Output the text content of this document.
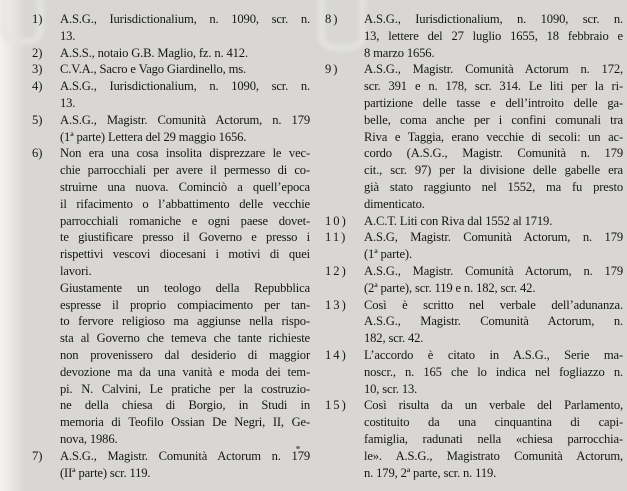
1)	A.S.G., Iurisdictionalium, n. 1090, scr. n.
13.
2)	A.S.S., notaio G.B. Maglio, fz. n. 412.
3)	C.V.A., Sacro e Vago Giardinello, ms.
4)	A.S.G., Iurisdictionalium, n. 1090, scr. n.
13.
5)	A.S.G., Magistr. Comunità Actorum, n. 179
(1ª parte) Lettera del 29 maggio 1656.
6)	Non era una cosa insolita disprezzare le vec-
chie parrocchiali per avere il permesso di co-
struirne una nuova. Cominciò a quell’epoca
il rifacimento o l’abbattimento delle vecchie
parrocchiali romaniche e ogni paese dovet-
te giustificare presso il Governo e presso i
rispettivi vescovi diocesani i motivi di quei
lavori.
Giustamente un teologo della Repubblica
espresse il proprio compiacimento per tan-
to fervore religioso ma aggiunse nella rispo-
sta al Governo che temeva che tante richieste
non provenissero dal desiderio di maggior
devozione ma da una vanità e moda dei tem-
pi. N. Calvini, Le pratiche per la costruzio-
ne della chiesa di Borgio, in Studi in
memoria di Teofilo Ossian De Negri, II, Ge-
nova, 1986.
7)	A.S.G., Magistr. Comunità Actorum n. 179
(IIª parte) scr. 119.
8)	A.S.G., Iurisdictionalium, n. 1090, scr. n.
13, lettere del 27 luglio 1655, 18 febbraio e
8 marzo 1656.
9)	A.S.G., Magistr. Comunità Actorum n. 172,
scr. 391 e n. 178, scr. 314. Le liti per la ri-
partizione delle tasse e dell’introito delle ga-
belle, coma anche per i confini comunali tra
Riva e Taggia, erano vecchie di secoli: un ac-
cordo (A.S.G., Magistr. Comunità n. 179
cit., scr. 97) per la divisione delle gabelle era
già stato raggiunto nel 1552, ma fu presto
dimenticato.
10)	A.C.T. Liti con Riva dal 1552 al 1719.
11)	A.S.G, Magistr. Comunità Actorum, n. 179
(1ª parte).
12)	A.S.G., Magistr. Comunità Actorum, n. 179
(2ª parte), scr. 119 e n. 182, scr. 42.
13)	Così è scritto nel verbale dell’adunanza.
A.S.G., Magistr. Comunità Actorum, n.
182, scr. 42.
14)	L’accordo è citato in A.S.G., Serie ma-
noscr., n. 165 che lo indica nel fogliazzo n.
10, scr. 13.
15)	Così risulta da un verbale del Parlamento,
costituito da una cinquantina di capi-
famiglia, radunati nella «chiesa parrocchia-
le». A.S.G., Magistrato Comunità Actorum,
n. 179, 2ª parte, scr. n. 119.
